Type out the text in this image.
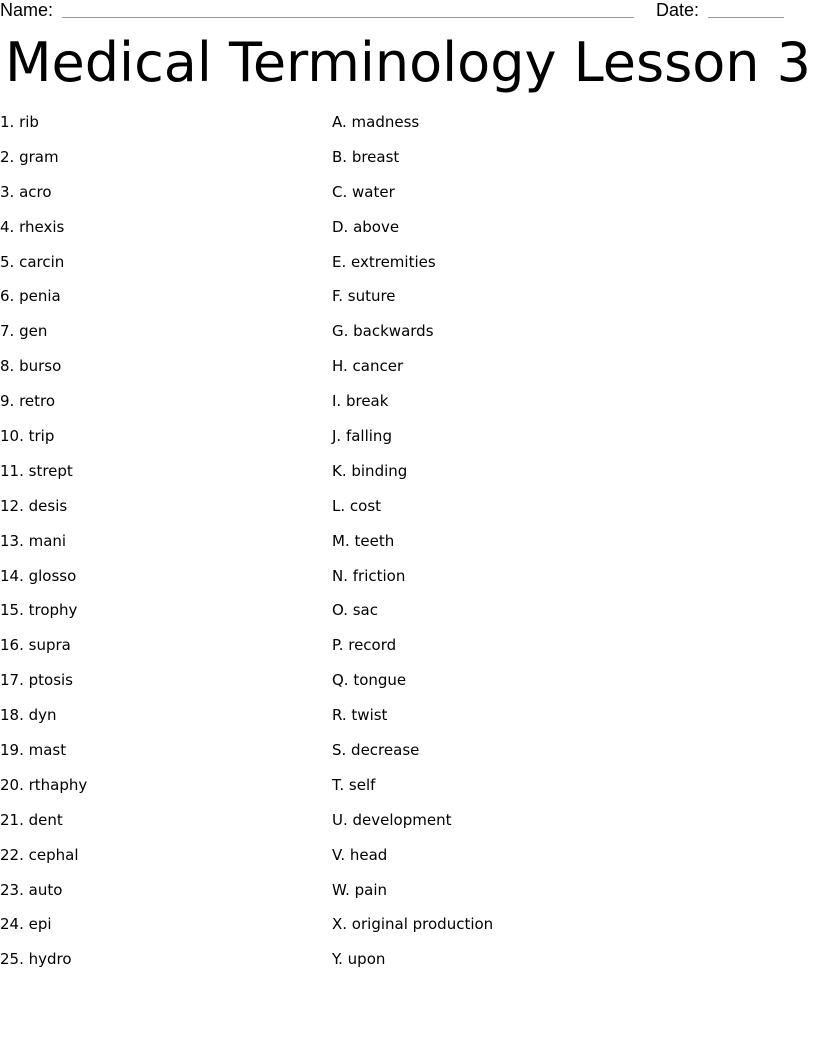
Name:	Date:
Medical Terminology Lesson 3
1. rib
2. gram
3. acro
4. rhexis
5. carcin
6. penia
7. gen
8. burso
9. retro
10. trip
11. strept
12. desis
13. mani
14. glosso
15. trophy
16. supra
17. ptosis
18. dyn
19. mast
20. rthaphy
21. dent
22. cephal
23. auto
24. epi
25. hydro
A. madness
B. breast
C. water
D. above
E. extremities
F. suture
G. backwards
H. cancer
I. break
J. falling
K. binding
L. cost
M. teeth
N. friction
O. sac
P. record
Q. tongue
R. twist
S. decrease
T. self
U. development
V. head
W. pain
X. original production
Y. upon
